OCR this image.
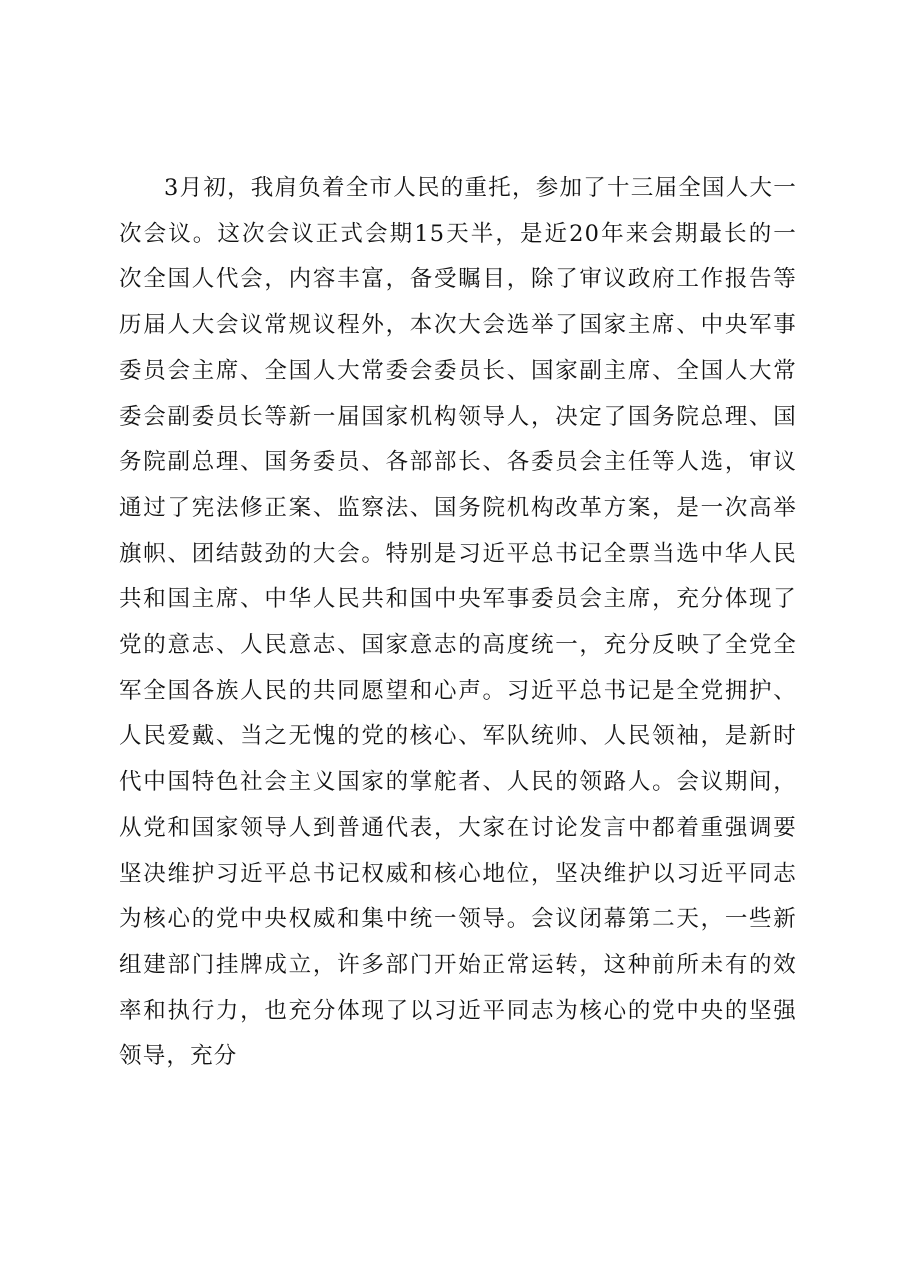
3月初，我肩负着全市人民的重托，参加了十三届全国人大一次会议。这次会议正式会期15天半，是近20年来会期最长的一次全国人代会，内容丰富，备受瞩目，除了审议政府工作报告等历届人大会议常规议程外，本次大会选举了国家主席、中央军事委员会主席、全国人大常委会委员长、国家副主席、全国人大常委会副委员长等新一届国家机构领导人，决定了国务院总理、国务院副总理、国务委员、各部部长、各委员会主任等人选，审议通过了宪法修正案、监察法、国务院机构改革方案，是一次高举旗帜、团结鼓劲的大会。特别是习近平总书记全票当选中华人民共和国主席、中华人民共和国中央军事委员会主席，充分体现了党的意志、人民意志、国家意志的高度统一，充分反映了全党全军全国各族人民的共同愿望和心声。习近平总书记是全党拥护、人民爱戴、当之无愧的党的核心、军队统帅、人民领袖，是新时代中国特色社会主义国家的掌舵者、人民的领路人。会议期间，从党和国家领导人到普通代表，大家在讨论发言中都着重强调要坚决维护习近平总书记权威和核心地位，坚决维护以习近平同志为核心的党中央权威和集中统一领导。会议闭幕第二天，一些新组建部门挂牌成立，许多部门开始正常运转，这种前所未有的效率和执行力，也充分体现了以习近平同志为核心的党中央的坚强领导，充分
